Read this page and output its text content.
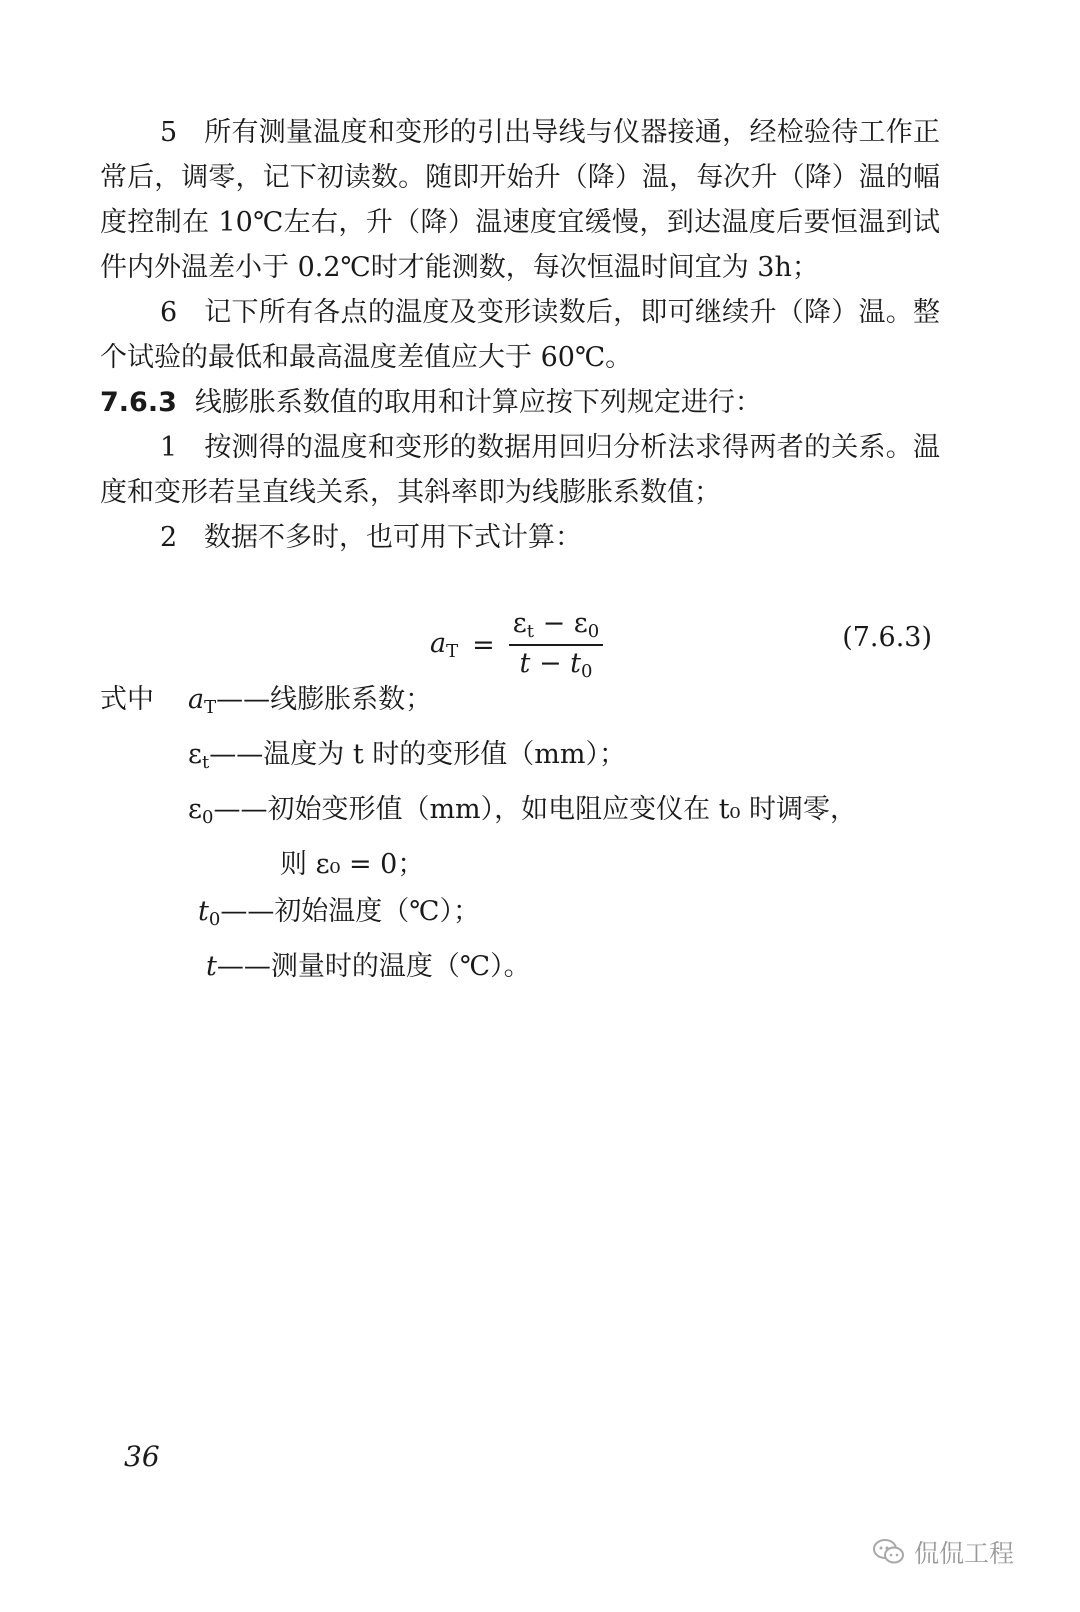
5 所有测量温度和变形的引出导线与仪器接通，经检验待工作正常后，调零，记下初读数。随即开始升（降）温，每次升（降）温的幅度控制在 10℃左右，升（降）温速度宜缓慢，到达温度后要恒温到试件内外温差小于 0.2℃时才能测数，每次恒温时间宜为 3h；

6 记下所有各点的温度及变形读数后，即可继续升（降）温。整个试验的最低和最高温度差值应大于 60℃。

7.6.3 线膨胀系数值的取用和计算应按下列规定进行：

1 按测得的温度和变形的数据用回归分析法求得两者的关系。温度和变形若呈直线关系，其斜率即为线膨胀系数值；

2 数据不多时，也可用下式计算：

$a_T = \frac{\varepsilon_t - \varepsilon_0}{t - t_0}$	(7.6.3)
式中	$a_T$ —— 线膨胀系数；
$\varepsilon_t$ —— 温度为 t 时的变形值（mm）；
$\varepsilon_0$ —— 初始变形值（mm），如电阻应变仪在 t₀ 时调零，
则 ε₀ = 0；
$t_0$ —— 初始温度（℃）；
t —— 测量时的温度（℃）。
36
侃侃工程
